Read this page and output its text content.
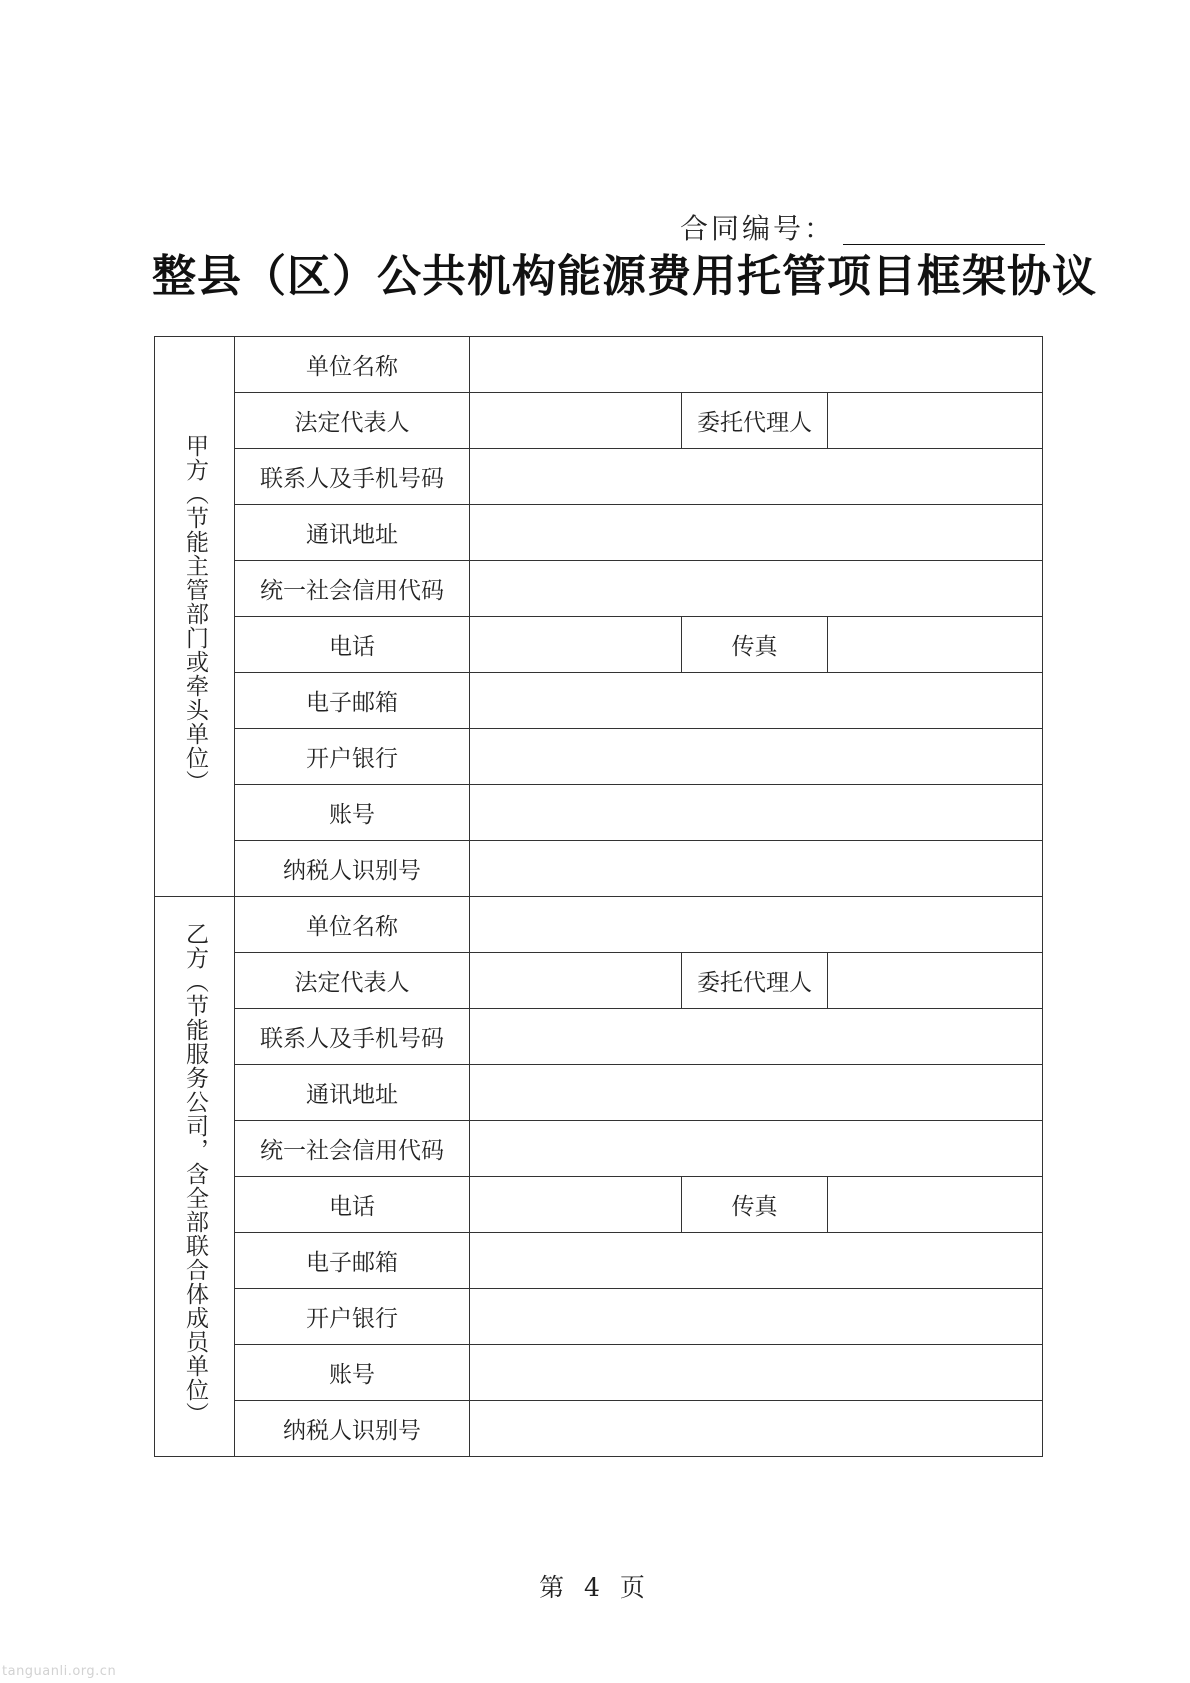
合同编号：
整县（区）公共机构能源费用托管项目框架协议
甲方（节能主管部门或牵头单位）	单位名称			
	法定代表人		委托代理人	
	联系人及手机号码			
	通讯地址			
	统一社会信用代码			
	电话		传真	
	电子邮箱			
	开户银行			
	账号			
	纳税人识别号			
乙方（节能服务公司，含全部联合体成员单位）	单位名称			
	法定代表人		委托代理人	
	联系人及手机号码			
	通讯地址			
	统一社会信用代码			
	电话		传真	
	电子邮箱			
	开户银行			
	账号			
	纳税人识别号			
第 4 页
tanguanli.org.cn
